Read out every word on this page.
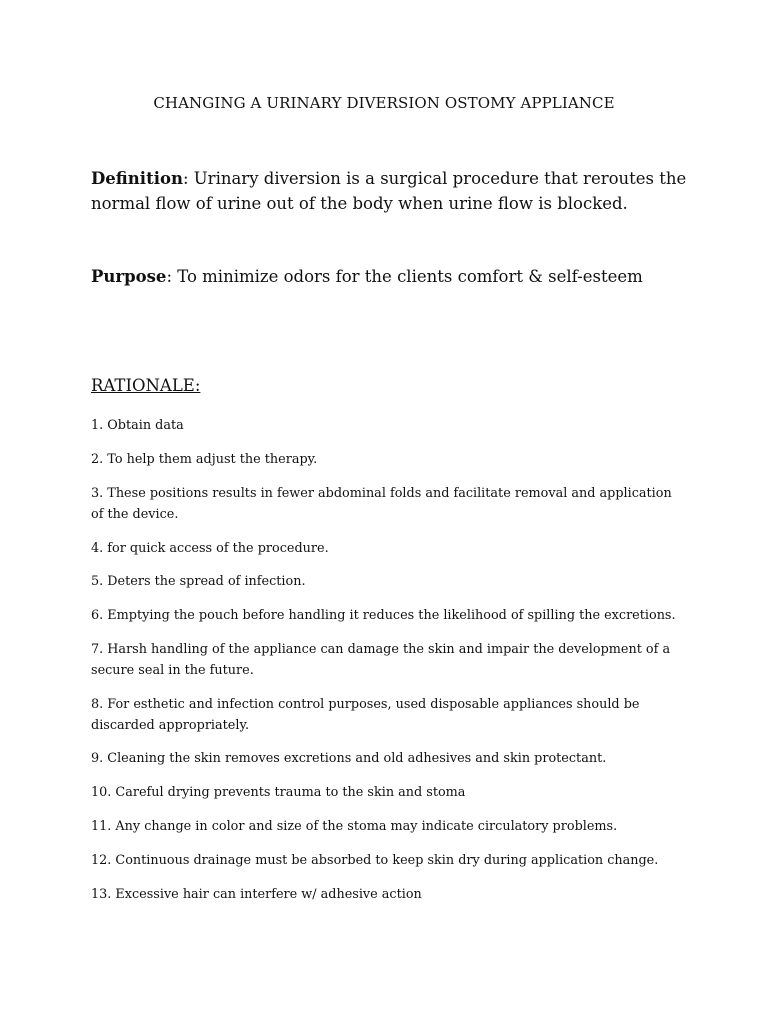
CHANGING A URINARY DIVERSION OSTOMY APPLIANCE
Definition: Urinary diversion is a surgical procedure that reroutes the normal flow of urine out of the body when urine flow is blocked.
Purpose: To minimize odors for the clients comfort & self-esteem
RATIONALE:
1. Obtain data
2. To help them adjust the therapy.
3. These positions results in fewer abdominal folds and facilitate removal and application of the device.
4. for quick access of the procedure.
5. Deters the spread of infection.
6. Emptying the pouch before handling it reduces the likelihood of spilling the excretions.
7. Harsh handling of the appliance can damage the skin and impair the development of a secure seal in the future.
8. For esthetic and infection control purposes, used disposable appliances should be discarded appropriately.
9. Cleaning the skin removes excretions and old adhesives and skin protectant.
10. Careful drying prevents trauma to the skin and stoma
11. Any change in color and size of the stoma may indicate circulatory problems.
12. Continuous drainage must be absorbed to keep skin dry during application change.
13. Excessive hair can interfere w/ adhesive action
